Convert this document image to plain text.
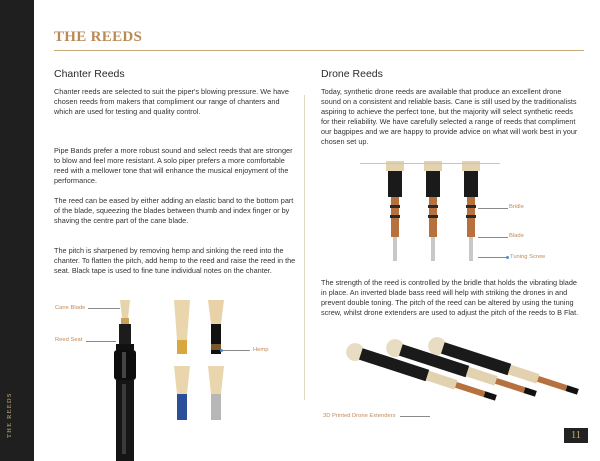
THE REEDS
THE REEDS
Chanter Reeds
Chanter reeds are selected to suit the piper's blowing pressure. We have chosen reeds from makers that compliment our range of chanters and which are used for testing and quality control.
Pipe Bands prefer a more robust sound and select reeds that are stronger to blow and feel more resistant. A solo piper prefers a more comfortable reed with a mellower tone that will enhance the musical enjoyment of the performance.
The reed can be eased by either adding an elastic band to the bottom part of the blade, squeezing the blades between thumb and index finger or by shaving the centre part of the cane blade.
The pitch is sharpened by removing hemp and sinking the reed into the chanter. To flatten the pitch, add hemp to the reed and raise the reed in the seat. Black tape is used to fine tune individual notes on the chanter.
Drone Reeds
Today, synthetic drone reeds are available that produce an excellent drone sound on a consistent and reliable basis. Cane is still used by the traditionalists aspiring to achieve the perfect tone, but the majority will select synthetic reeds for their reliability. We have carefully selected a range of reeds that compliment our bagpipes and we are happy to provide advice on what will work best in your chosen set up.
The strength of the reed is controlled by the bridle that holds the vibrating blade in place. An inverted blade bass reed will help with striking the drones in and prevent double toning. The pitch of the reed can be altered by using the tuning screw, whilst drone extenders are used to adjust the pitch of the reeds to B Flat.
Cane Blade
Reed Seat
Hemp
Bridle
Blade
Tuning Screw
3D Printed Drone Extenders
11
